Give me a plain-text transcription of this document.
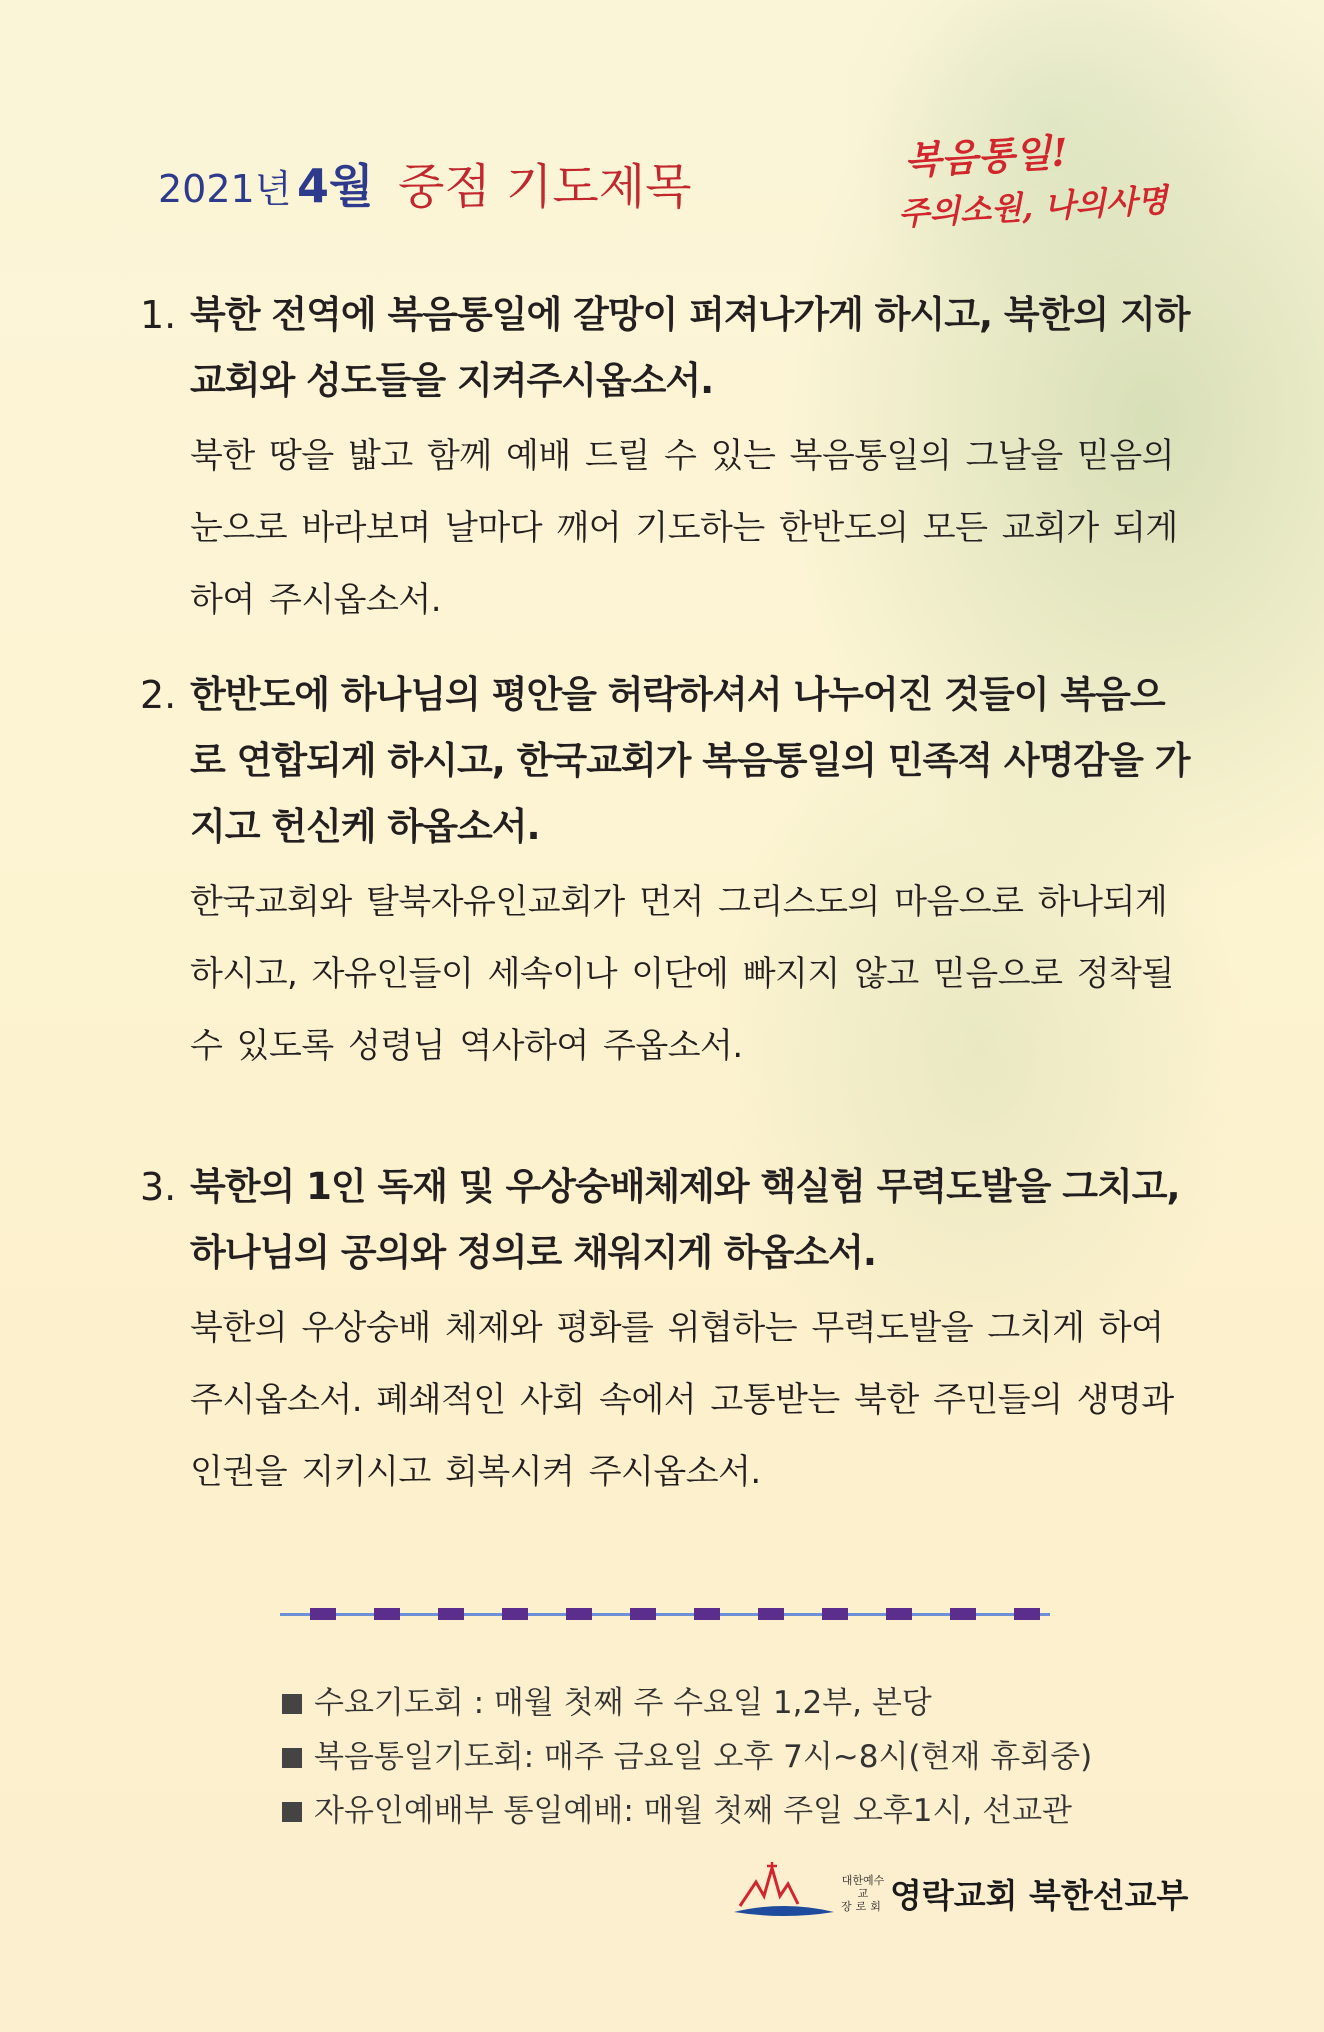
2021년 4월 중점 기도제목
복음통일!
주의소원, 나의사명
1. 북한 전역에 복음통일에 갈망이 퍼져나가게 하시고, 북한의 지하 교회와 성도들을 지켜주시옵소서.
북한 땅을 밟고 함께 예배 드릴 수 있는 복음통일의 그날을 믿음의 눈으로 바라보며 날마다 깨어 기도하는 한반도의 모든 교회가 되게 하여 주시옵소서.
2. 한반도에 하나님의 평안을 허락하셔서 나누어진 것들이 복음으로 연합되게 하시고, 한국교회가 복음통일의 민족적 사명감을 가지고 헌신케 하옵소서.
한국교회와 탈북자유인교회가 먼저 그리스도의 마음으로 하나되게 하시고, 자유인들이 세속이나 이단에 빠지지 않고 믿음으로 정착될 수 있도록 성령님 역사하여 주옵소서.
3. 북한의 1인 독재 및 우상숭배체제와 핵실험 무력도발을 그치고, 하나님의 공의와 정의로 채워지게 하옵소서.
북한의 우상숭배 체제와 평화를 위협하는 무력도발을 그치게 하여 주시옵소서. 폐쇄적인 사회 속에서 고통받는 북한 주민들의 생명과 인권을 지키시고 회복시켜 주시옵소서.
수요기도회 : 매월 첫째 주 수요일 1,2부, 본당
복음통일기도회: 매주 금요일 오후 7시~8시(현재 휴회중)
자유인예배부 통일예배: 매월 첫째 주일 오후1시, 선교관
대한예수교
장로회 영락교회 북한선교부
